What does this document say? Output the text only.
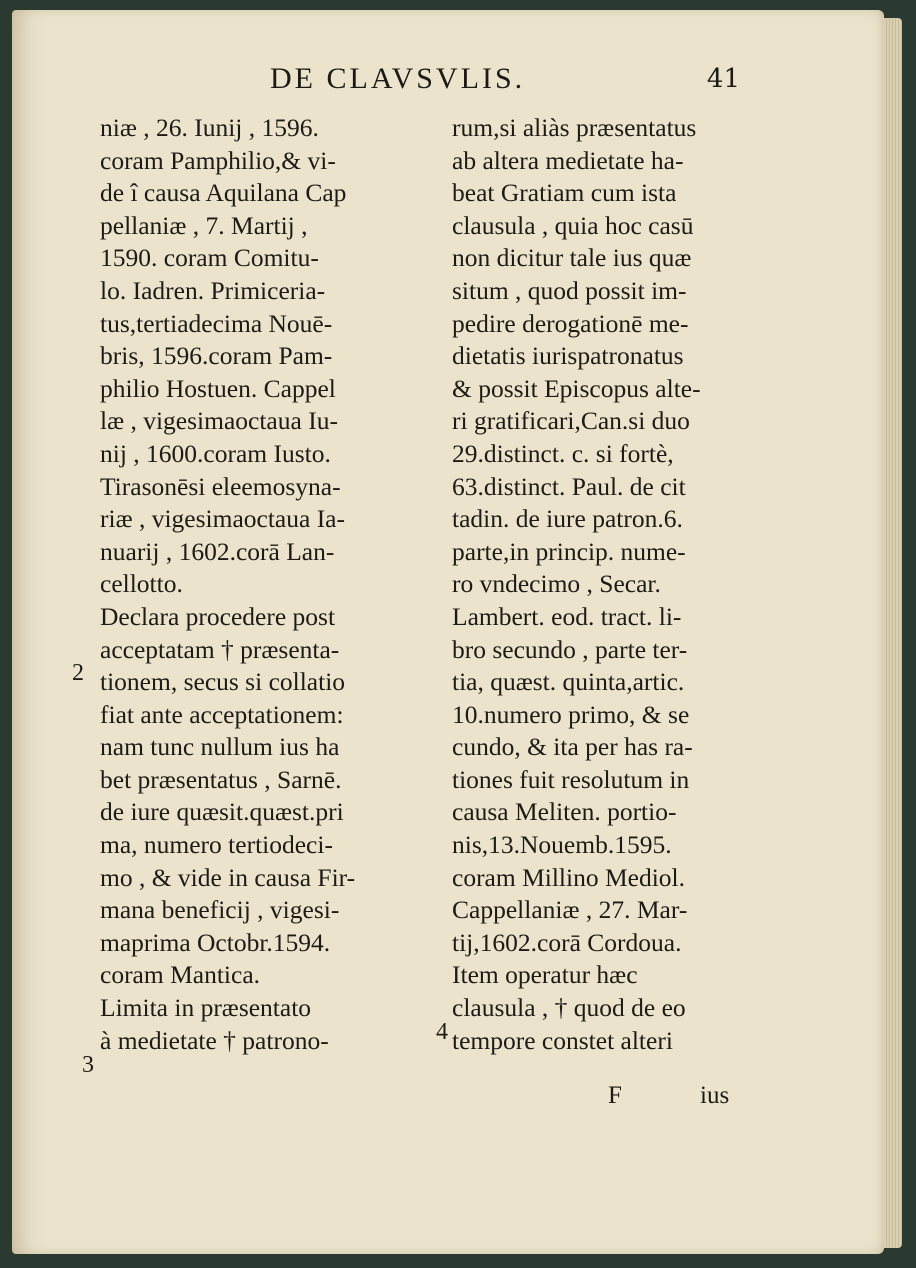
DE CLAVSVLIS.	41
niæ , 26. Iunij , 1596.
coram Pamphilio,& vi-
de î causa Aquilana Cap
pellaniæ , 7. Martij ,
1590. coram Comitu-
lo. Iadren. Primiceria-
tus,tertiadecima Nouē-
bris, 1596.coram Pam-
philio Hostuen. Cappel
læ , vigesimaoctaua Iu-
nij , 1600.coram Iusto.
Tirasonēsi eleemosyna-
riæ , vigesimaoctaua Ia-
nuarij , 1602.corā Lan-
cellotto.
Declara procedere post
acceptatam † præsenta-
tionem, secus si collatio
fiat ante acceptationem:
nam tunc nullum ius ha
bet præsentatus , Sarnē.
de iure quæsit.quæst.pri
ma, numero tertiodeci-
mo , & vide in causa Fir-
mana beneficij , vigesi-
maprima Octobr.1594.
coram Mantica.
Limita in præsentato
à medietate † patrono-
rum,si aliàs præsentatus
ab altera medietate ha-
beat Gratiam cum ista
clausula , quia hoc casū
non dicitur tale ius quæ
situm , quod possit im-
pedire derogationē me-
dietatis iurispatronatus
& possit Episcopus alte-
ri gratificari,Can.si duo
29.distinct. c. si fortè,
63.distinct. Paul. de cit
tadin. de iure patron.6.
parte,in princip. nume-
ro vndecimo , Secar.
Lambert. eod. tract. li-
bro secundo , parte ter-
tia, quæst. quinta,artic.
10.numero primo, & se
cundo, & ita per has ra-
tiones fuit resolutum in
causa Meliten. portio-
nis,13.Nouemb.1595.
coram Millino Mediol.
Cappellaniæ , 27. Mar-
tij,1602.corā Cordoua.
Item operatur hæc
clausula , † quod de eo
tempore constet alteri
2
3
4
F	ius
